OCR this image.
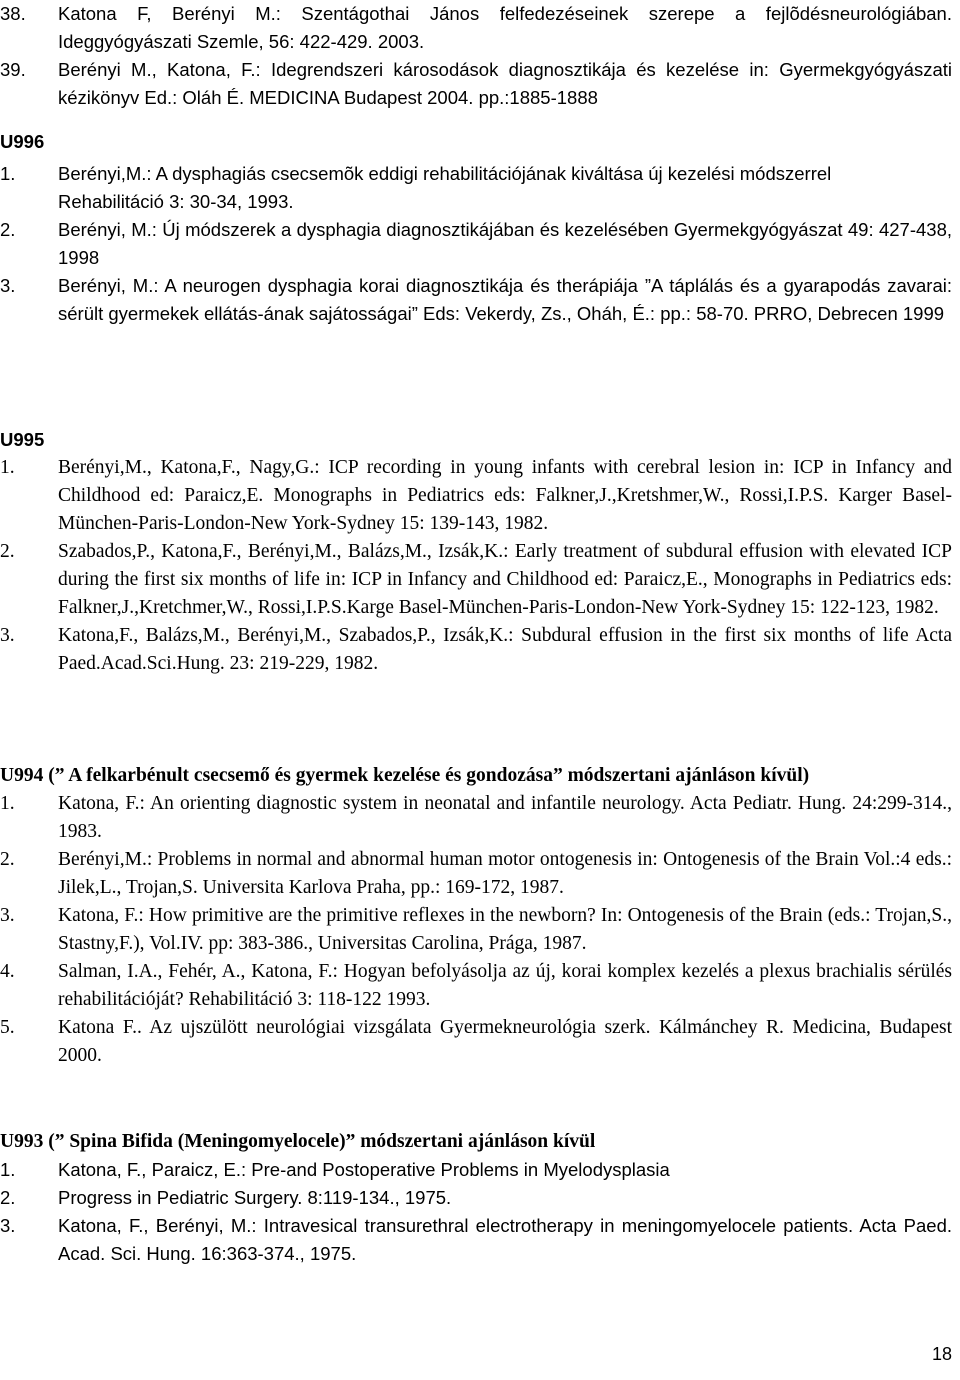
38. Katona F, Berényi M.: Szentágothai János felfedezéseinek szerepe a fejlõdésneurológiában. Ideggyógyászati Szemle, 56: 422-429. 2003.
39. Berényi M., Katona, F.: Idegrendszeri károsodások diagnosztikája és kezelése in: Gyermekgyógyászati kézikönyv Ed.: Oláh É. MEDICINA Budapest 2004. pp.:1885-1888
U996
1. Berényi,M.: A dysphagiás csecsemõk eddigi rehabilitációjának kiváltása új kezelési módszerrel
Rehabilitáció 3: 30-34, 1993.
2. Berényi, M.: Új módszerek a dysphagia diagnosztikájában és kezelésében Gyermekgyógyászat 49: 427-438, 1998
3. Berényi, M.: A neurogen dysphagia korai diagnosztikája és therápiája ”A táplálás és a gyarapodás zavarai: sérült gyermekek ellátás-ának sajátosságai” Eds: Vekerdy, Zs., Oháh, É.: pp.: 58-70. PRRO, Debrecen 1999
U995
1. Berényi,M., Katona,F., Nagy,G.: ICP recording in young infants with cerebral lesion in: ICP in Infancy and Childhood ed: Paraicz,E. Monographs in Pediatrics eds: Falkner,J.,Kretshmer,W., Rossi,I.P.S. Karger Basel-München-Paris-London-New York-Sydney 15: 139-143, 1982.
2. Szabados,P., Katona,F., Berényi,M., Balázs,M., Izsák,K.: Early treatment of subdural effusion with elevated ICP during the first six months of life in: ICP in Infancy and Childhood ed: Paraicz,E., Monographs in Pediatrics eds: Falkner,J.,Kretchmer,W., Rossi,I.P.S.Karge Basel-München-Paris-London-New York-Sydney 15: 122-123, 1982.
3. Katona,F., Balázs,M., Berényi,M., Szabados,P., Izsák,K.: Subdural effusion in the first six months of life Acta Paed.Acad.Sci.Hung. 23: 219-229, 1982.
U994 (” A felkarbénult csecsemő és gyermek kezelése és gondozása” módszertani ajánláson kívül)
1. Katona, F.: An orienting diagnostic system in neonatal and infantile neurology. Acta Pediatr. Hung. 24:299-314., 1983.
2. Berényi,M.: Problems in normal and abnormal human motor ontogenesis in: Ontogenesis of the Brain Vol.:4 eds.: Jilek,L., Trojan,S. Universita Karlova Praha, pp.: 169-172, 1987.
3. Katona, F.: How primitive are the primitive reflexes in the newborn? In: Ontogenesis of the Brain (eds.: Trojan,S., Stastny,F.), Vol.IV. pp: 383-386., Universitas Carolina, Prága, 1987.
4. Salman, I.A., Fehér, A., Katona, F.: Hogyan befolyásolja az új, korai komplex kezelés a plexus brachialis sérülés rehabilitációját? Rehabilitáció 3: 118-122 1993.
5. Katona F.. Az ujszülött neurológiai vizsgálata Gyermekneurológia szerk. Kálmánchey R. Medicina, Budapest 2000.
U993 (” Spina Bifida (Meningomyelocele)” módszertani ajánláson kívül
1. Katona, F., Paraicz, E.: Pre-and Postoperative Problems in Myelodysplasia
2. Progress in Pediatric Surgery. 8:119-134., 1975.
3. Katona, F., Berényi, M.: Intravesical transurethral electrotherapy in meningomyelocele patients. Acta Paed. Acad. Sci. Hung. 16:363-374., 1975.
18
